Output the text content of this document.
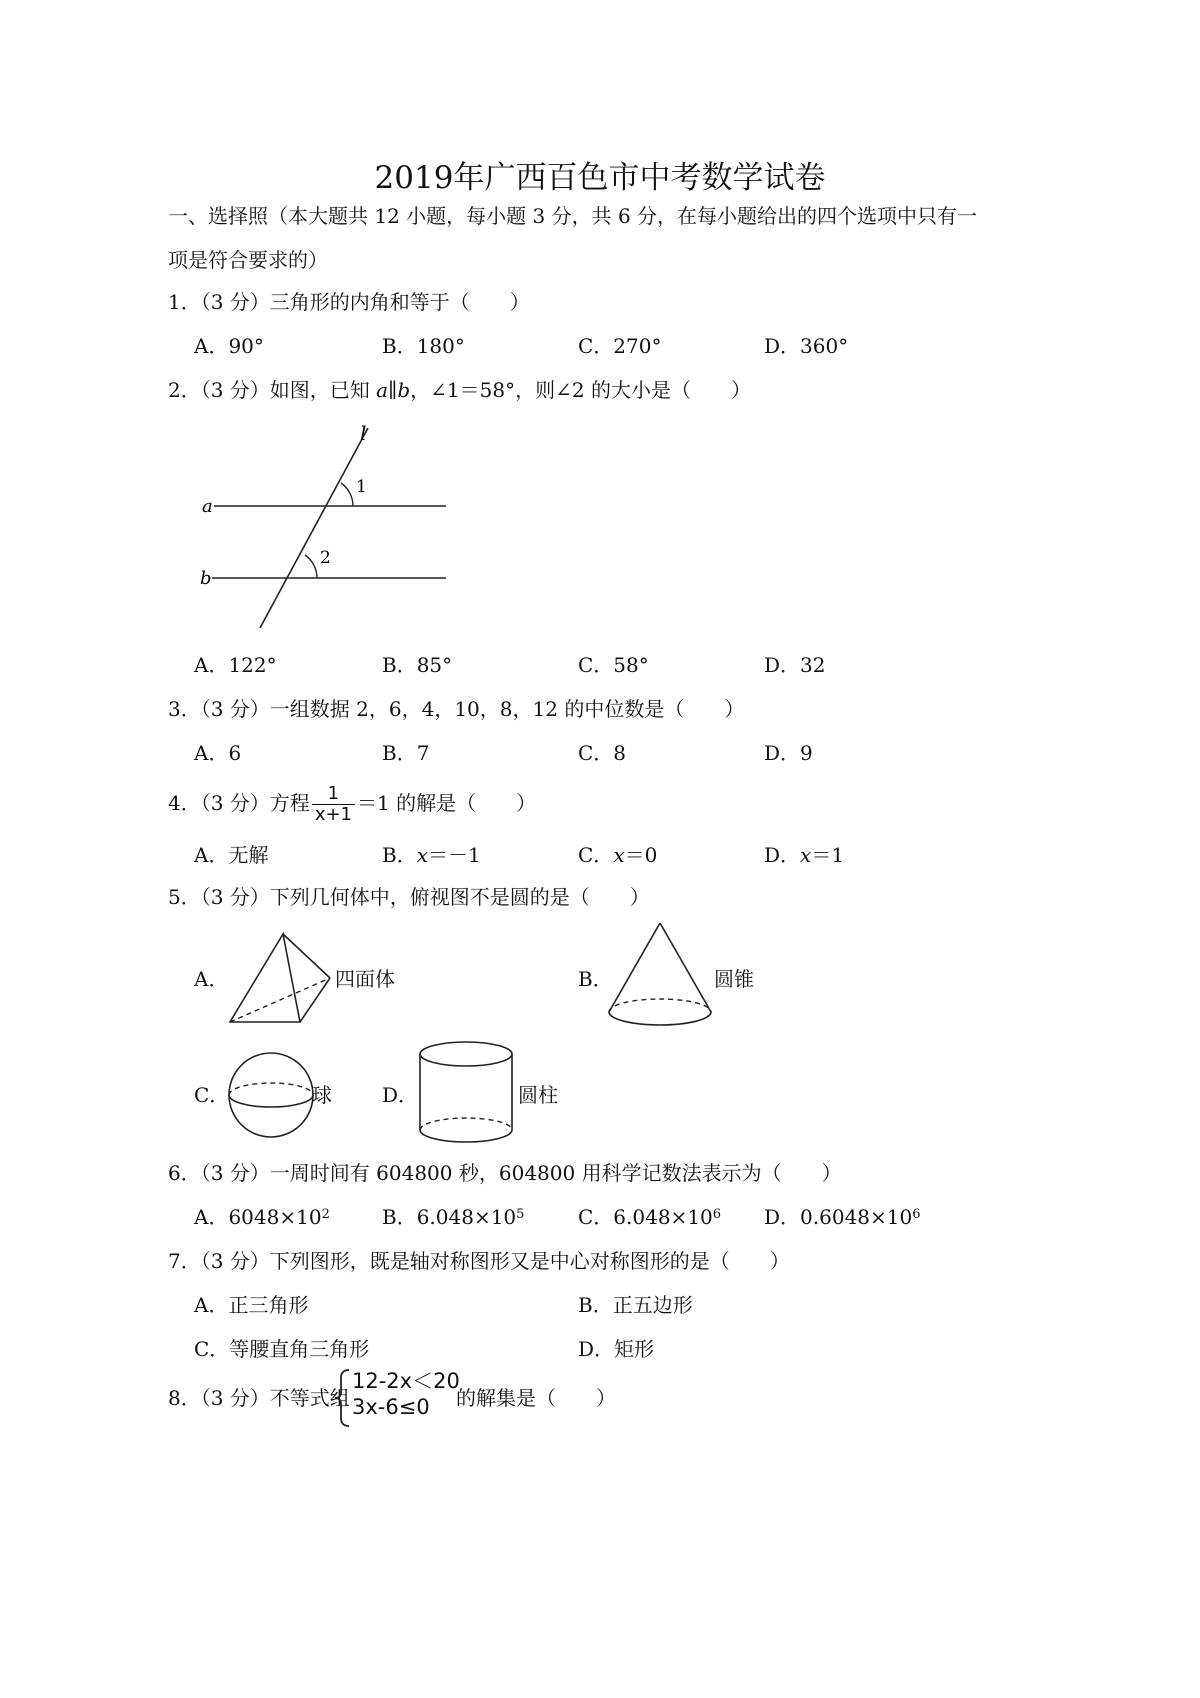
2019年广西百色市中考数学试卷
一、选择照（本大题共 12 小题，每小题 3 分，共 6 分，在每小题给出的四个选项中只有一
项是符合要求的）
1．（3 分）三角形的内角和等于（　　）
A．90°	B．180°	C．270°	D．360°
2．（3 分）如图，已知 a∥b，∠1＝58°，则∠2 的大小是（　　）
l
a
b
1
2
A．122°	B．85°	C．58°	D．32
3．（3 分）一组数据 2，6，4，10，8，12 的中位数是（　　）
A．6	B．7	C．8	D．9
4．（3 分）方程 $\frac{1}{x+1} =1$ 的解是（　　）
A．无解	B．x＝－1	C．x＝0	D．x＝1
5．（3 分）下列几何体中，俯视图不是圆的是（　　）
A．	四面体	B．	圆锥
C．	球	D．	圆柱
6．（3 分）一周时间有 604800 秒，604800 用科学记数法表示为（　　）
A．$6048\times 10^2$	B．$6.048\times 10^5$	C．$6.048\times 10^6$ D．$0.6048\times 10^6$
7．（3 分）下列图形，既是轴对称图形又是中心对称图形的是（　　）
A．正三角形	B．正五边形
C．等腰直角三角形	D．矩形
8．（3 分）不等式组
12-2x＜20
3x-6≤0	的解集是（　　）
